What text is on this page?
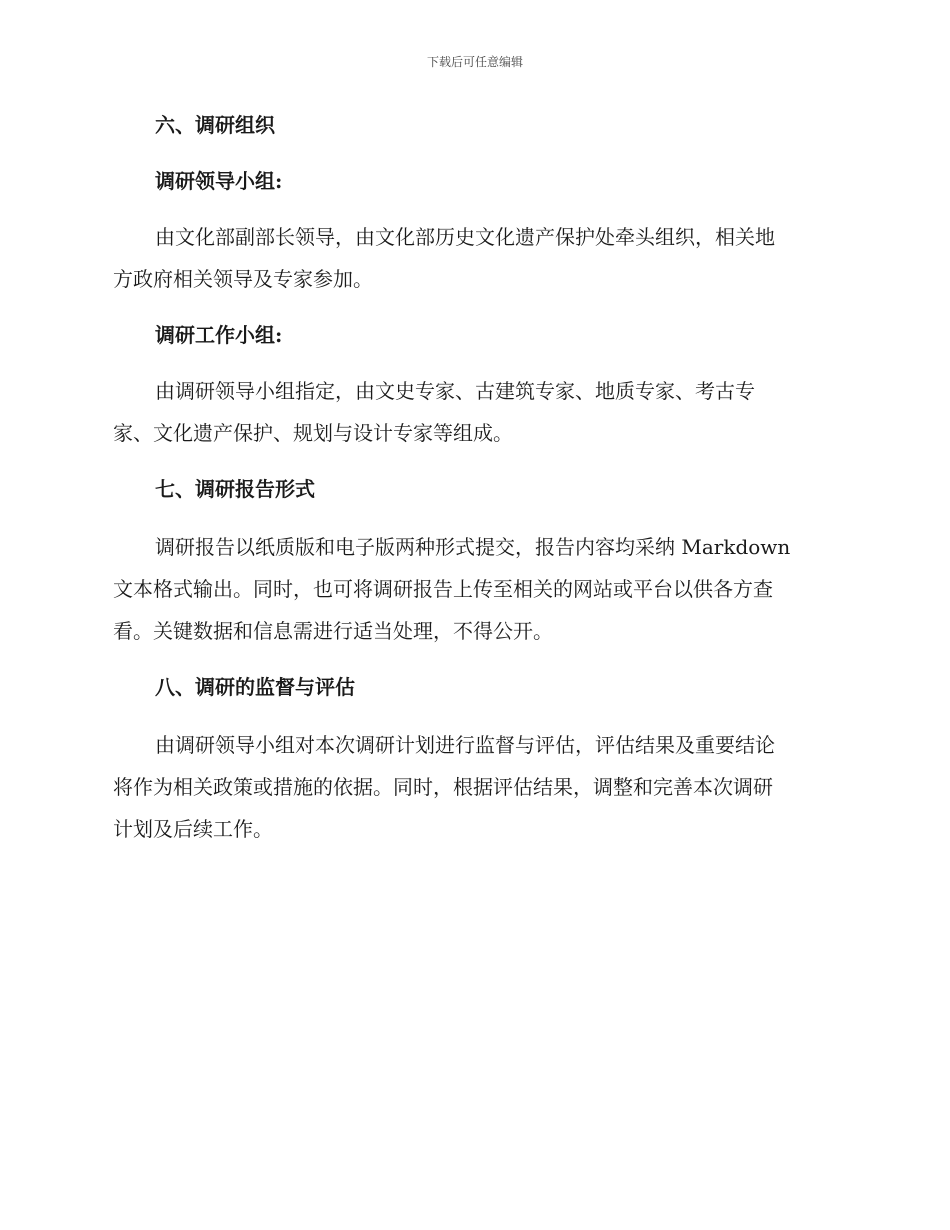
下载后可任意编辑
六、调研组织
调研领导小组:
由文化部副部长领导，由文化部历史文化遗产保护处牵头组织，相关地
方政府相关领导及专家参加。
调研工作小组:
由调研领导小组指定，由文史专家、古建筑专家、地质专家、考古专
家、文化遗产保护、规划与设计专家等组成。
七、调研报告形式
调研报告以纸质版和电子版两种形式提交，报告内容均采纳 Markdown
文本格式输出。同时，也可将调研报告上传至相关的网站或平台以供各方查
看。关键数据和信息需进行适当处理，不得公开。
八、调研的监督与评估
由调研领导小组对本次调研计划进行监督与评估，评估结果及重要结论
将作为相关政策或措施的依据。同时，根据评估结果，调整和完善本次调研
计划及后续工作。
